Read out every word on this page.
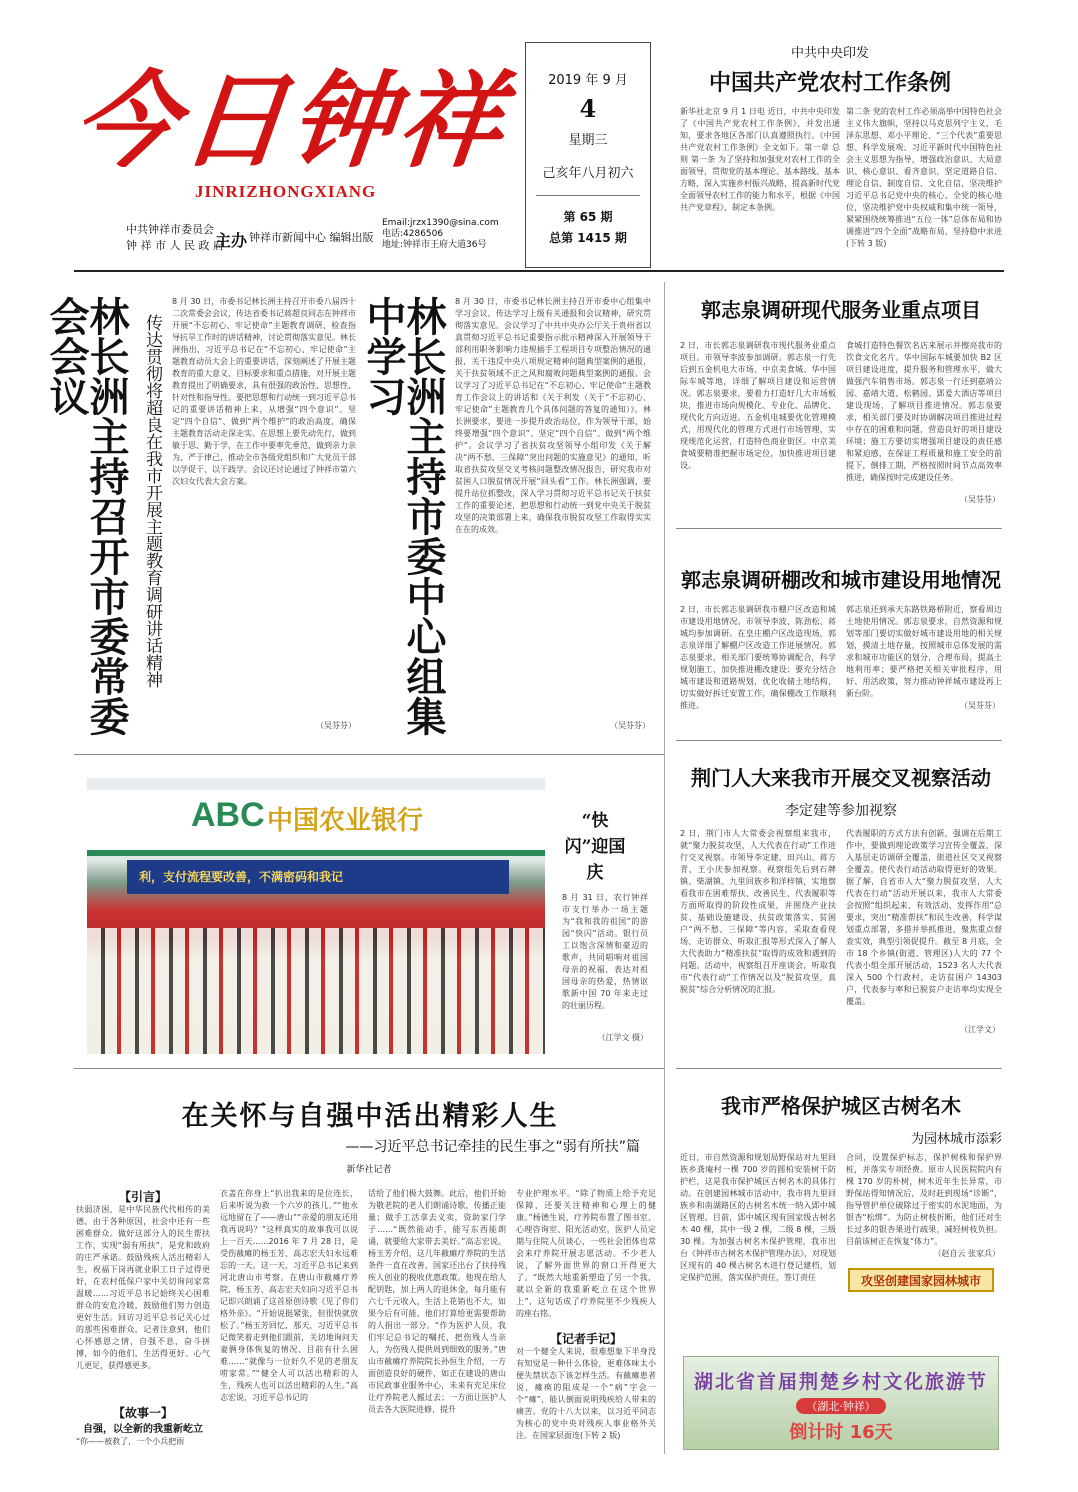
今日钟祥
JINRIZHONGXIANG
中共钟祥市委员会
钟 祥 市 人 民 政 府
主办 钟祥市新闻中心 编辑出版
Email:jrzx1390@sina.com
电话:4286506
地址:钟祥市王府大道36号
2019 年 9 月
4
星期三
己亥年八月初六
第 65 期
总第 1415 期
中共中央印发
中国共产党农村工作条例
新华社北京 9 月 1 日电 近日，中共中央印发了《中国共产党农村工作条例》，并发出通知，要求各地区各部门认真遵照执行。《中国共产党农村工作条例》全文如下。第一章 总 则 第一条 为了坚持和加强党对农村工作的全面领导，贯彻党的基本理论、基本路线、基本方略，深入实施乡村振兴战略，提高新时代党全面领导农村工作的能力和水平，根据《中国共产党章程》，制定本条例。
第二条 党的农村工作必须高举中国特色社会主义伟大旗帜，坚持以马克思列宁主义、毛泽东思想、邓小平理论、“三个代表”重要思想、科学发展观、习近平新时代中国特色社会主义思想为指导，增强政治意识、大局意识、核心意识、看齐意识，坚定道路自信、理论自信、制度自信、文化自信，坚决维护习近平总书记党中央的核心、全党的核心地位，坚决维护党中央权威和集中统一领导，紧紧围绕统筹推进“五位一体”总体布局和协调推进“四个全面”战略布局，坚持稳中求进(下转 3 版)
林长洲主持召开市委常委会会议	传达贯彻将超良在我市开展主题教育调研讲话精神
8 月 30 日，市委书记林长洲主持召开市委八届四十二次常委会会议，传达省委书记蒋超良同志在钟祥市开展“不忘初心、牢记使命”主题教育调研、检查指导抗旱工作时的讲话精神，讨论贯彻落实意见。林长洲指出，习近平总书记在“不忘初心、牢记使命”主题教育动员大会上的重要讲话，深刻阐述了开展主题教育的重大意义、目标要求和重点措施，对开展主题教育提出了明确要求，具有很强的政治性、思想性、针对性和指导性。要把思想和行动统一到习近平总书记的重要讲话精神上来，从增强“四个意识”、坚定“四个自信”、做到“两个维护”的政治高度，确保主题教育活动走深走实。在思想上要先动先行，做到敏于思、勤于学，在工作中要率先垂范，做到亲力亲为、严于律己，推动全市各级党组织和广大党员干部以学促干、以干践学。会议还讨论通过了钟祥市第六次妇女代表大会方案。
（吴芬芬） 林长洲主持市委中心组集中学习	8 月 30 日，市委书记林长洲主持召开市委中心组集中学习会议，传达学习上级有关通报和会议精神，研究贯彻落实意见。会议学习了中共中央办公厅关于贵州省以真贯彻习近平总书记重要指示批示精神深入开展领导干部利用职务影响力违规插手工程项目专项整治情况的通报，关于违反中央八项规定精神问题典型案例的通报，关于扶贫领域不正之风和腐败问题典型案例的通报。会议学习了习近平总书记在“不忘初心、牢记使命”主题教育工作会议上的讲话和《关于利发（关于“不忘初心、牢记使命”主题教育几个具体问题的答复的通知）》。林长洲要求，要进一步提升政治站位，作为领导干部，始终要增强“四个意识”、坚定“四个自信”、做到“两个维护”。会议学习了省扶贫攻坚领导小组印发《关于解决“两不愁、三保障”突出问题的实施意见》的通知，听取省扶贫攻坚交叉考核问题整改情况报告，研究我市对贫困人口脱贫情况开展“回头看”工作。林长洲强调，要提升站位抓整改，深入学习贯彻习近平总书记关于扶贫工作的重要论述，把思想和行动统一到党中央关于脱贫攻坚的决策部署上来，确保我市脱贫攻坚工作取得实实在在的成效。
（吴芬芬）
郭志泉调研现代服务业重点项目
2 日，市长郭志泉调研我市现代服务业重点项目。市领导李波参加调研。郭志泉一行先后到五金机电大市场、中京美食城、华中国际车城等地，详细了解项目建设和运营情况。郭志泉要求，要着力打造好几大市场板块，推进市场向规模化、专业化、品牌化、现代化方向迈进。五金机电城要优化管理模式，用现代化的管理方式进行市场管理，实现规范化运营，打造特色商业街区。中京美食城要精准把握市场定位，加快推进项目建设。
食城打造特色餐饮名店来展示并擦亮我市的饮食文化名片。华中国际车城要加快 B2 区项目建设进度，提升服务和管理水平，做大做强汽车销售市场。郭志泉一行还到嘉靖公园、嘉靖大道、松鹤园、郢爰大酒店等项目建设现场，了解项目推进情况。郭志泉要求，相关部门要及时协调解决项目推进过程中存在的困难和问题，营造良好的项目建设环境；施工方要切实增强项目建设的责任感和紧迫感，在保证工程质量和施工安全的前提下，倒排工期，严格按照时间节点高效率推进，确保按时完成建设任务。
（吴芬芬）
郭志泉调研棚改和城市建设用地情况
2 日，市长郭志泉调研我市棚户区改造和城市建设用地情况。市领导李波、陈劲松、蒋城均参加调研。在皇庄棚户区改造现场，郭志泉详细了解棚户区改造工作进展情况。郭志泉要求，相关部门要统筹协调配合，科学规划施工，加快推进棚改建设；要充分结合城市建设和道路规划，优化收储土地结构，切实做好拆迁安置工作，确保棚改工作顺利推进。
郭志泉还到承天东路铁路桥附近，察看周边土地使用情况。郭志泉要求，自然资源和规划等部门要切实做好城市建设用地的相关规划，摸清土地存量，按照城市总体发展的需求和城市功能区的划分，合理布局，提高土地利用率；要严格把关相关审批程序，用好、用活政策，努力推动钟祥城市建设再上新台阶。
（吴芬芬）
ABC 中国农业银行
利，支付流程要改善，不满密码和我记
“快闪”迎国庆
8 月 31 日，农行钟祥市支行举办一场主题为“我和我的祖国”的游园“快闪”活动。银行员工以饱含深情和豪迈的歌声，共同唱响对祖国母亲的祝福，表达对祖国母亲的热爱，热情讴歌新中国 70 年来走过的壮丽历程。
（江学文 摄）
荆门人大来我市开展交叉视察活动
李定建等参加视察
2 日，荆门市人大常委会视察组来我市，就“聚力脱贫攻坚，人大代表在行动”工作进行交叉视察。市领导李定建、田兴山、蒋方青、王小庆参加视察。视察组先后到石牌镇、柴湖镇、九里回族乡和洋梓镇，实地察看我市在困难帮扶、改善民生、代表履职等方面所取得的阶段性成果，并围绕产业扶贫、基础设施建设、扶贫政策落实、贫困户“两不愁、三保障”等内容，采取查看现场、走访群众、听取汇报等形式深入了解人大代表助力“精准扶贫”取得的成效和遇到的问题。活动中，视察组召开座谈会，听取我市“代表行动”工作情况以及“脱贫攻坚，真脱贫”综合分析情况的汇报。
代表履职的方式方法有创新，强调在后期工作中，要做到理论政策学习宣传全覆盖，深入基层走访调研全覆盖，街道社区交叉视察全覆盖，使代表行动活动取得更好的效果。据了解，自省市人大“聚力脱贫攻坚，人大代表在行动”活动开展以来，我市人大常委会按照“组织起来、有效活动、发挥作用”总要求，突出“精准帮扶”和民生改善，科学谋划重点部署，多措并举抓推进，聚焦重点督查实效，典型引领促提升。截至 8 月底，全市 18 个乡镇(街道、管理区)人大的 77 个代表小组全部开展活动，1523 名人大代表深入 500 个行政村，走访贫困户 14303 户，代表参与率和已脱贫户走访率均实现全覆盖。
（江学文）
在关怀与自强中活出精彩人生
——习近平总书记牵挂的民生事之“弱有所扶”篇
新华社记者
【引言】
扶弱济困，是中华民族代代相传的美德。由于各种原因，社会中还有一些困难群众。做好这部分人的民生帮扶工作，实现“弱有所扶”，是党和政府的庄严承诺。鼓励残疾人活出精彩人生，祝福下岗再就业职工日子过得更好，在农村低保户家中关切询问家常温暖……习近平总书记始终关心困难群众的安危冷暖，鼓励他们努力创造更好生活。回访习近平总书记关心过的那些困难群众，记者注意到，他们心怀感恩之情，自强不息，奋斗拼搏，如今的他们，生活得更好、心气儿更足，获得感更多。
【故事一】
自强，以全新的我重新屹立
“你——被救了，一个小兵把雨
衣盖在你身上“扒出我来的是位连长，后来听说为救一个六岁的孩儿。”“他永远地留在了——唐山”“亲爱的朋友还用我再说吗？”这样真实的故事我可以说上一百天……2016 年 7 月 28 日，是受伤截瘫的杨玉芳、高志宏夫妇永远难忘的一天。这一天，习近平总书记来到河北唐山市考察。在唐山市截瘫疗养院，杨玉芳、高志宏夫妇向习近平总书记即兴朗诵了这首原创诗歌《见了你们格外亲》。“开始说挺紧张，但很快就放松了。”杨玉芳回忆，那天，习近平总书记微笑着走到他们跟前，关切地询问夫妻俩身体恢复的情况、目前有什么困难……“就像与一位好久不见的老朋友唠家常。”“健全人可以活出精彩的人生，残疾人也可以活出精彩的人生。”高志宏说，习近平总书记的
话给了他们极大鼓舞。此后，他们开始为敬老院的老人们朗诵诗歌，传播正能量；做手工活拿去义卖，资助家门学子……“既然能动手，能写东西能朗诵，就要给大家带去美好。”高志宏说。杨玉芳介绍，这几年截瘫疗养院的生活条件一直在改善，国家还出台了扶持残疾人创业的税收优惠政策。他现在给人配钥匙，加上两人的退休金，每月能有六七千元收入，生活上花销也不大，如果今后有可能，他们打算给更需要帮助的人捐出一部分。“作为医护人员，我们牢记总书记的嘱托，把伤残人当亲人，为伤残人提供周到细致的服务。”唐山市截瘫疗养院院长孙恒生介绍，一方面创造良好的硬件，如正在建设的唐山市民政事业服务中心，未来有充足床位让疗养院老人搬过去；一方面让医护人员去各大医院进修，提升
专业护理水平。“除了物质上给予充足保障，还要关注精神和心理上的健康。”杨德生说，疗养院布置了图书室、心理咨询室、阳光活动室，医护人员定期与住院人员谈心，一些社会团体也常会来疗养院开展志愿活动。不少老人说，了解外面世界的窗口开得更大了。“既然大地重新塑造了另一个我，就以全新的我重新屹立在这个世界上”，这句话成了疗养院里不少残疾人的座右铭。
【记者手记】
对一个健全人来说，很难想象下半身没有知觉是一种什么体验，更难体味太小便失禁状态下该怎样生活。有截瘫患者说，瘫痪的阻成是一个“病”字会一个“瘫”，能认倒面说明残疾给人带来的痛苦。党的十八大以来，以习近平同志为核心的党中央对残疾人事业格外关注。在国家层面连(下转 2 版)
我市严格保护城区古树名木
为园林城市添彩
近日，市自然资源和规划局野保站对九里回族乡龚庵村一棵 700 岁的圆柏安装树干防护栏，这是我市保护城区古树名木的具体行动。在创建园林城市活动中，我市将九里回族乡和南湖路区的古树名木统一纳入郢中城区管理。目前，郢中城区现有国家级古树名木 40 棵，其中一级 2 棵，二级 8 棵，三级 30 棵。为加强古树名木保护管理，我市出台《钟祥市古树名木保护管理办法》，对现划区现有的 40 棵古树名木进行登记建档，划定保护范围，落实保护责任，签订责任
合同，设置保护标志，保护树株和保护界桩，并落实专项经费。原市人民医院院内有棵 170 岁的朴树，树木近年生长异常，市野保站得知情况后，及时赶到现场“诊断”，指导管护单位破除过于密实的水泥地面，为银杏“松绑”。为防止树枝折断，他们还对生长过多的银杏果进行疏果，减轻树枝负担。目前该树正在恢复“体力”。
（赵自云 张家兵）
攻坚创建国家园林城市
湖北省首届荆楚乡村文化旅游节
（湖北·钟祥）
倒计时 16天
